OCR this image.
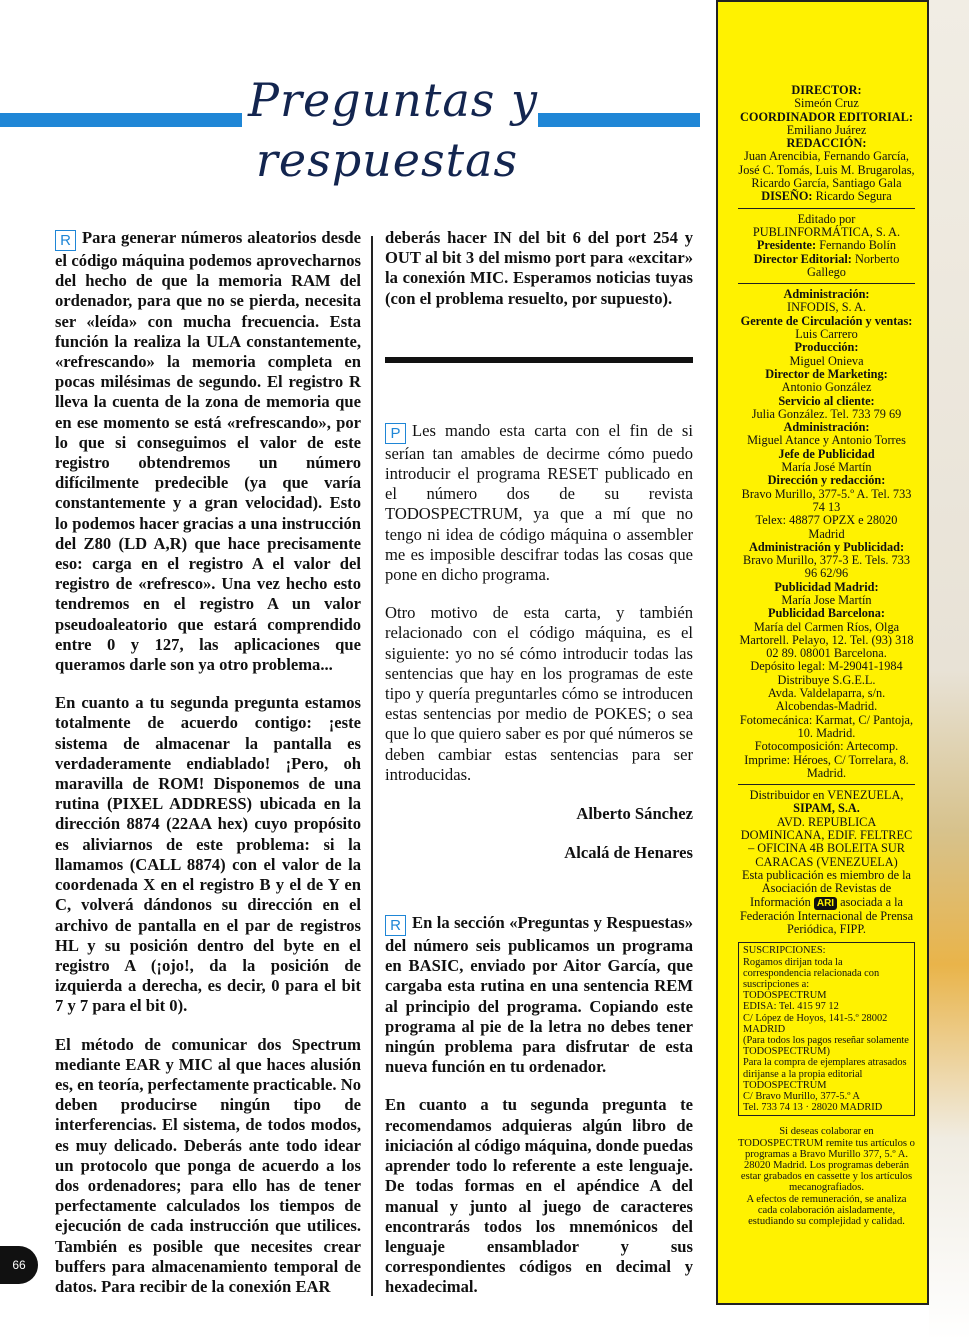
Preguntas y respuestas

R Para generar números aleatorios desde el código máquina podemos aprovecharnos del hecho de que la memoria RAM del ordenador, para que no se pierda, necesita ser «leída» con mucha frecuencia. Esta función la realiza la ULA constantemente, «refrescando» la memoria completa en pocas milésimas de segundo. El registro R lleva la cuenta de la zona de memoria que en ese momento se está «refrescando», por lo que si conseguimos el valor de este registro obtendremos un número difícilmente predecible (ya que varía constantemente y a gran velocidad). Esto lo podemos hacer gracias a una instrucción del Z80 (LD A,R) que hace precisamente eso: carga en el registro A el valor del registro de «refresco». Una vez hecho esto tendremos en el registro A un valor pseudoaleatorio que estará comprendido entre 0 y 127, las aplicaciones que queramos darle son ya otro problema...

En cuanto a tu segunda pregunta estamos totalmente de acuerdo contigo: ¡este sistema de almacenar la pantalla es verdaderamente endiablado! ¡Pero, oh maravilla de ROM! Disponemos de una rutina (PIXEL ADDRESS) ubicada en la dirección 8874 (22AA hex) cuyo propósito es aliviarnos de este problema: si la llamamos (CALL 8874) con el valor de la coordenada X en el registro B y el de Y en C, volverá dándonos su dirección en el archivo de pantalla en el par de registros HL y su posición dentro del byte en el registro A (¡ojo!, da la posición de izquierda a derecha, es decir, 0 para el bit 7 y 7 para el bit 0).

El método de comunicar dos Spectrum mediante EAR y MIC al que haces alusión es, en teoría, perfectamente practicable. No deben producirse ningún tipo de interferencias. El sistema, de todos modos, es muy delicado. Deberás ante todo idear un protocolo que ponga de acuerdo a los dos ordenadores; para ello has de tener perfectamente calculados los tiempos de ejecución de cada instrucción que utilices. También es posible que necesites crear buffers para almacenamiento temporal de datos. Para recibir de la conexión EAR

deberás hacer IN del bit 6 del port 254 y OUT al bit 3 del mismo port para «excitar» la conexión MIC. Esperamos noticias tuyas (con el problema resuelto, por supuesto).

P Les mando esta carta con el fin de si serían tan amables de decirme cómo puedo introducir el programa RESET publicado en el número dos de su revista TODOSPECTRUM, ya que a mí que no tengo ni idea de código máquina o assembler me es imposible descifrar todas las cosas que pone en dicho programa.

Otro motivo de esta carta, y también relacionado con el código máquina, es el siguiente: yo no sé cómo introducir todas las sentencias que hay en los programas de este tipo y quería preguntarles cómo se introducen estas sentencias por medio de POKES; o sea que lo que quiero saber es por qué números se deben cambiar estas sentencias para ser introducidas.

Alberto Sánchez

Alcalá de Henares

R En la sección «Preguntas y Respuestas» del número seis publicamos un programa en BASIC, enviado por Aitor García, que cargaba esta rutina en una sentencia REM al principio del programa. Copiando este programa al pie de la letra no debes tener ningún problema para disfrutar de esta nueva función en tu ordenador.

En cuanto a tu segunda pregunta te recomendamos adquieras algún libro de iniciación al código máquina, donde puedas aprender todo lo referente a este lenguaje. De todas formas en el apéndice A del manual y junto al juego de caracteres encontrarás todos los mnemónicos del lenguaje ensamblador y sus correspondientes códigos en decimal y hexadecimal.

DIRECTOR:
Simeón Cruz
COORDINADOR EDITORIAL:
Emiliano Juárez
REDACCIÓN:
Juan Arencibia, Fernando García, José C. Tomás, Luis M. Brugarolas, Ricardo García, Santiago Gala
DISEÑO: Ricardo Segura
Editado por
PUBLINFORMÁTICA, S. A.
Presidente: Fernando Bolín
Director Editorial: Norberto Gallego
Administración:
INFODIS, S. A.
Gerente de Circulación y ventas:
Luis Carrero
Producción:
Miguel Onieva
Director de Marketing:
Antonio González
Servicio al cliente:
Julia González. Tel. 733 79 69
Administración:
Miguel Atance y Antonio Torres
Jefe de Publicidad
María José Martín
Dirección y redacción:
Bravo Murillo, 377-5.º A. Tel. 733 74 13
Telex: 48877 OPZX e 28020 Madrid
Administración y Publicidad:
Bravo Murillo, 377-3 E. Tels. 733 96 62/96
Publicidad Madrid:
María Jose Martín
Publicidad Barcelona:
María del Carmen Ríos, Olga Martorell. Pelayo, 12. Tel. (93) 318 02 89. 08001 Barcelona.
Depósito legal: M-29041-1984
Distribuye S.G.E.L.
Avda. Valdelaparra, s/n. Alcobendas-Madrid.
Fotomecánica: Karmat, C/ Pantoja, 10. Madrid.
Fotocomposición: Artecomp.
Imprime: Héroes, C/ Torrelara, 8. Madrid.
Distribuidor en VENEZUELA,
SIPAM, S.A.
AVD. REPUBLICA DOMINICANA, EDIF. FELTREC – OFICINA 4B BOLEITA SUR CARACAS (VENEZUELA)
Esta publicación es miembro de la Asociación de Revistas de Información ARI asociada a la Federación Internacional de Prensa Periódica, FIPP.
SUSCRIPCIONES:
Rogamos dirijan toda la correspondencia relacionada con suscripciones a:
TODOSPECTRUM
EDISA: Tel. 415 97 12
C/ López de Hoyos, 141-5.º 28002 MADRID
(Para todos los pagos reseñar solamente TODOSPECTRUM)
Para la compra de ejemplares atrasados dirijanse a la propia editorial
TODOSPECTRUM
C/ Bravo Murillo, 377-5.º A
Tel. 733 74 13 · 28020 MADRID
Si deseas colaborar en TODOSPECTRUM remite tus artículos o programas a Bravo Murillo 377, 5.º A. 28020 Madrid. Los programas deberán estar grabados en cassette y los artículos mecanografiados.
A efectos de remuneración, se analiza cada colaboración aisladamente, estudiando su complejidad y calidad.
66
